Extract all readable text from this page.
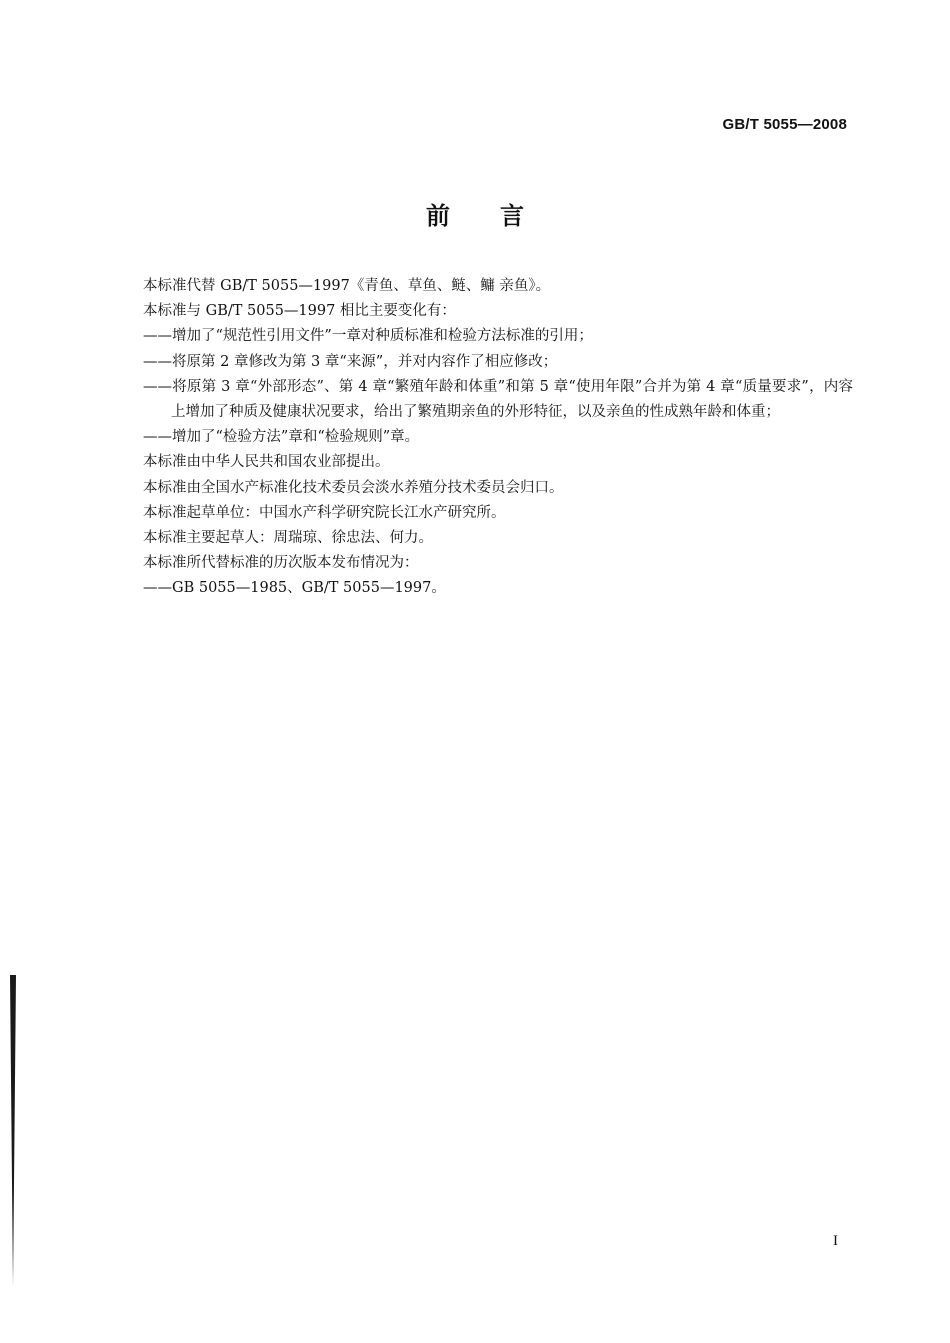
GB/T 5055—2008
前言

本标准代替 GB/T 5055—1997《青鱼、草鱼、鲢、鳙 亲鱼》。

本标准与 GB/T 5055—1997 相比主要变化有：

——增加了“规范性引用文件”一章对种质标准和检验方法标准的引用；

——将原第 2 章修改为第 3 章“来源”，并对内容作了相应修改；

——将原第 3 章“外部形态”、第 4 章“繁殖年龄和体重”和第 5 章“使用年限”合并为第 4 章“质量要求”，内容上增加了种质及健康状况要求，给出了繁殖期亲鱼的外形特征，以及亲鱼的性成熟年龄和体重；

——增加了“检验方法”章和“检验规则”章。

本标准由中华人民共和国农业部提出。

本标准由全国水产标准化技术委员会淡水养殖分技术委员会归口。

本标准起草单位：中国水产科学研究院长江水产研究所。

本标准主要起草人：周瑞琼、徐忠法、何力。

本标准所代替标准的历次版本发布情况为：

——GB 5055—1985、GB/T 5055—1997。

I
